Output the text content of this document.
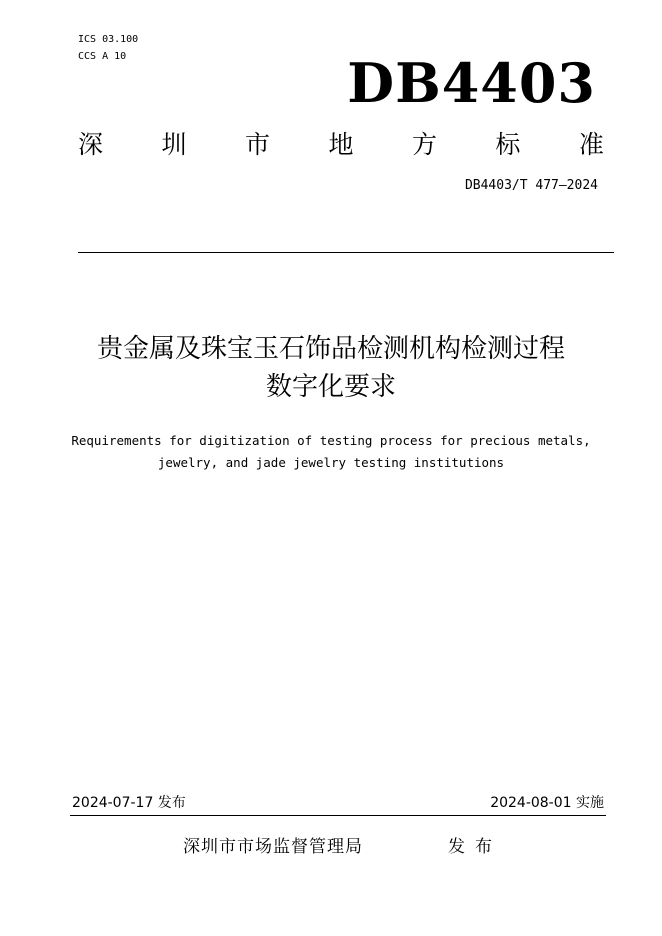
ICS 03.100
CCS A 10	DB4403
深 圳 市 地 方 标 准
DB4403/T 477—2024
贵金属及珠宝玉石饰品检测机构检测过程
数字化要求
Requirements for digitization of testing process for precious metals,
jewelry, and jade jewelry testing institutions
2024-07-17 发布	2024-08-01 实施
深圳市市场监督管理局	发布
